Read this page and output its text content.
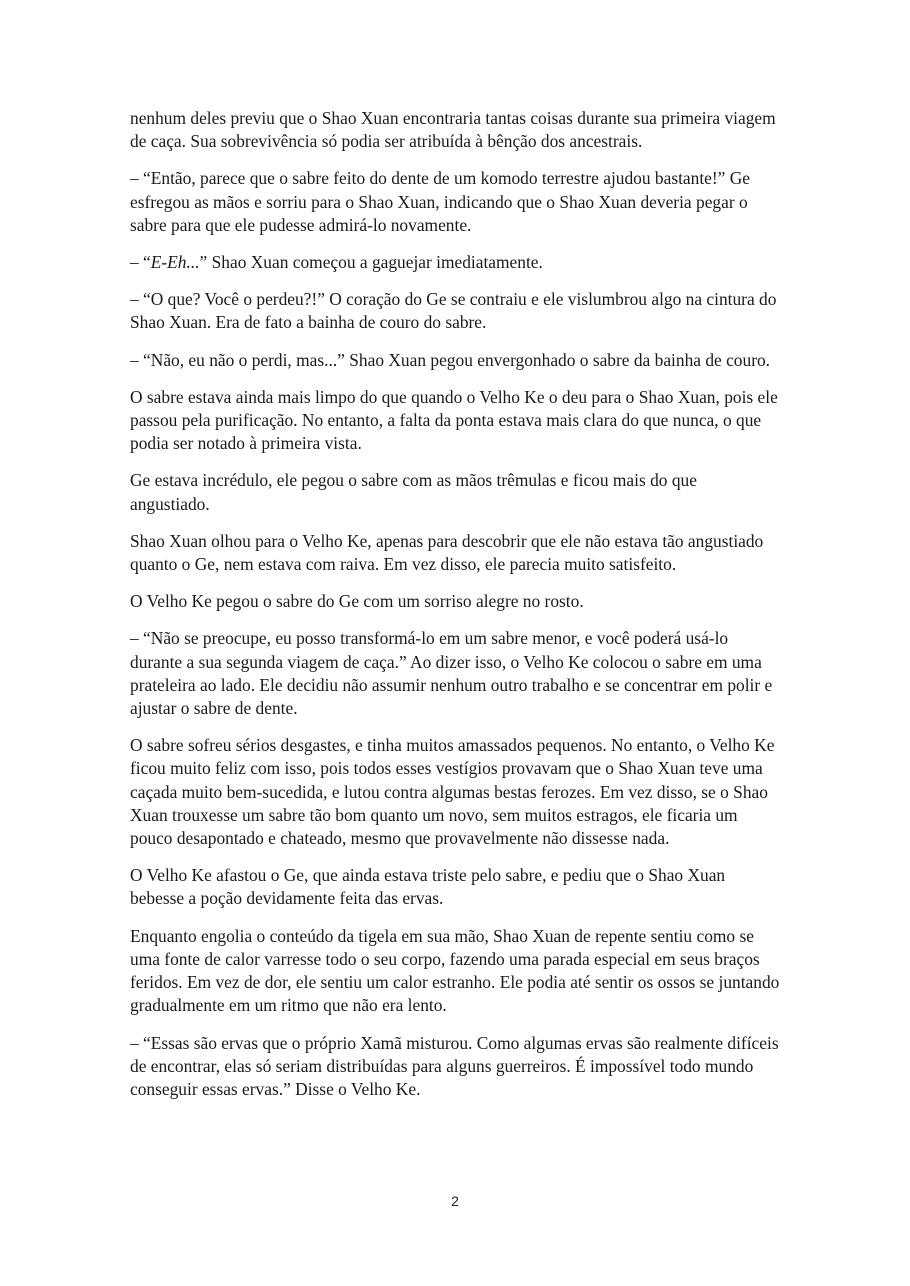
nenhum deles previu que o Shao Xuan encontraria tantas coisas durante sua primeira viagem de caça. Sua sobrevivência só podia ser atribuída à bênção dos ancestrais.

– “Então, parece que o sabre feito do dente de um komodo terrestre ajudou bastante!” Ge esfregou as mãos e sorriu para o Shao Xuan, indicando que o Shao Xuan deveria pegar o sabre para que ele pudesse admirá-lo novamente.

– “E-Eh...” Shao Xuan começou a gaguejar imediatamente.

– “O que? Você o perdeu?!” O coração do Ge se contraiu e ele vislumbrou algo na cintura do Shao Xuan. Era de fato a bainha de couro do sabre.

– “Não, eu não o perdi, mas...” Shao Xuan pegou envergonhado o sabre da bainha de couro.

O sabre estava ainda mais limpo do que quando o Velho Ke o deu para o Shao Xuan, pois ele passou pela purificação. No entanto, a falta da ponta estava mais clara do que nunca, o que podia ser notado à primeira vista.

Ge estava incrédulo, ele pegou o sabre com as mãos trêmulas e ficou mais do que angustiado.

Shao Xuan olhou para o Velho Ke, apenas para descobrir que ele não estava tão angustiado quanto o Ge, nem estava com raiva. Em vez disso, ele parecia muito satisfeito.

O Velho Ke pegou o sabre do Ge com um sorriso alegre no rosto.

– “Não se preocupe, eu posso transformá-lo em um sabre menor, e você poderá usá-lo durante a sua segunda viagem de caça.” Ao dizer isso, o Velho Ke colocou o sabre em uma prateleira ao lado. Ele decidiu não assumir nenhum outro trabalho e se concentrar em polir e ajustar o sabre de dente.

O sabre sofreu sérios desgastes, e tinha muitos amassados pequenos. No entanto, o Velho Ke ficou muito feliz com isso, pois todos esses vestígios provavam que o Shao Xuan teve uma caçada muito bem-sucedida, e lutou contra algumas bestas ferozes. Em vez disso, se o Shao Xuan trouxesse um sabre tão bom quanto um novo, sem muitos estragos, ele ficaria um pouco desapontado e chateado, mesmo que provavelmente não dissesse nada.

O Velho Ke afastou o Ge, que ainda estava triste pelo sabre, e pediu que o Shao Xuan bebesse a poção devidamente feita das ervas.

Enquanto engolia o conteúdo da tigela em sua mão, Shao Xuan de repente sentiu como se uma fonte de calor varresse todo o seu corpo, fazendo uma parada especial em seus braços feridos. Em vez de dor, ele sentiu um calor estranho. Ele podia até sentir os ossos se juntando gradualmente em um ritmo que não era lento.

– “Essas são ervas que o próprio Xamã misturou. Como algumas ervas são realmente difíceis de encontrar, elas só seriam distribuídas para alguns guerreiros. É impossível todo mundo conseguir essas ervas.” Disse o Velho Ke.

2
